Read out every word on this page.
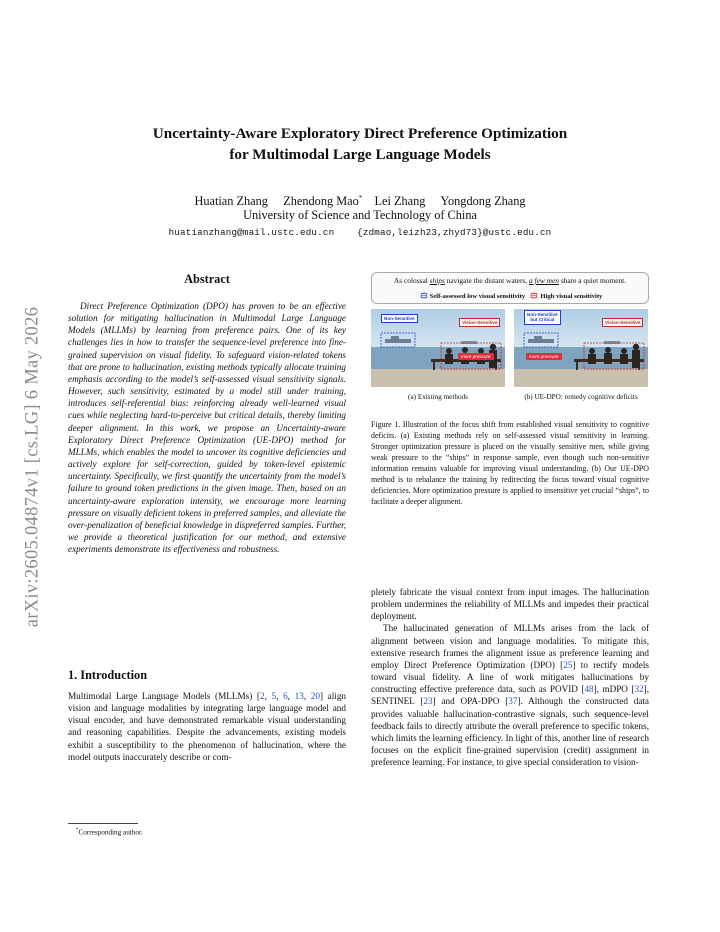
arXiv:2605.04874v1 [cs.LG] 6 May 2026
Uncertainty-Aware Exploratory Direct Preference Optimization
for Multimodal Large Language Models
Huatian Zhang Zhendong Mao* Lei Zhang Yongdong Zhang
University of Science and Technology of China
huatianzhang@mail.ustc.edu.cn    {zdmao,leizh23,zhyd73}@ustc.edu.cn
Abstract
Direct Preference Optimization (DPO) has proven to be an effective solution for mitigating hallucination in Multimodal Large Language Models (MLLMs) by learning from preference pairs. One of its key challenges lies in how to transfer the sequence-level preference into fine-grained supervision on visual fidelity. To safeguard vision-related tokens that are prone to hallucination, existing methods typically allocate training emphasis according to the model’s self-assessed visual sensitivity signals. However, such sensitivity, estimated by a model still under training, introduces self-referential bias: reinforcing already well-learned visual cues while neglecting hard-to-perceive but critical details, thereby limiting deeper alignment. In this work, we propose an Uncertainty-aware Exploratory Direct Preference Optimization (UE-DPO) method for MLLMs, which enables the model to uncover its cognitive deficiencies and actively explore for self-correction, guided by token-level epistemic uncertainty. Specifically, we first quantify the uncertainty from the model’s failure to ground token predictions in the given image. Then, based on an uncertainty-aware exploration intensity, we encourage more learning pressure on visually deficient tokens in preferred samples, and alleviate the over-penalization of beneficial knowledge in dispreferred samples. Further, we provide a theoretical justification for our method, and extensive experiments demonstrate its effectiveness and robustness.
1. Introduction
Multimodal Large Language Models (MLLMs) [2, 5, 6, 13, 20] align vision and language modalities by integrating large language model and visual encoder, and have demonstrated remarkable visual understanding and reasoning capabilities. Despite the advancements, existing models exhibit a susceptibility to the phenomenon of hallucination, where the model outputs inaccurately describe or com-
*Corresponding author.
As colossal ships navigate the distant waters, a few men share a quiet moment.
Self-assessed low visual sensitivity High visual sensitivity
Non-Sensitive
Vision-Sensitive
more pressure
(a) Existing methods
Non-Sensitive
but Critical
Vision-Sensitive
more pressure
(b) UE-DPO: remedy cognitive deficits
Figure 1. Illustration of the focus shift from established visual sensitivity to cognitive deficits. (a) Existing methods rely on self-assessed visual sensitivity in learning. Stronger optimization pressure is placed on the visually sensitive men, while giving weak pressure to the “ships” in response sample, even though such non-sensitive information remains valuable for improving visual understanding. (b) Our UE-DPO method is to rebalance the training by redirecting the focus toward visual cognitive deficiencies. More optimization pressure is applied to insensitive yet crucial “ships”, to facilitate a deeper alignment.

pletely fabricate the visual context from input images. The hallucination problem undermines the reliability of MLLMs and impedes their practical deployment.

The hallucinated generation of MLLMs arises from the lack of alignment between vision and language modalities. To mitigate this, extensive research frames the alignment issue as preference learning and employ Direct Preference Optimization (DPO) [25] to rectify models toward visual fidelity. A line of work mitigates hallucinations by constructing effective preference data, such as POVID [48], mDPO [32], SENTINEL [23] and OPA-DPO [37]. Although the constructed data provides valuable hallucination-contrastive signals, such sequence-level feedback fails to directly attribute the overall preference to specific tokens, which limits the learning efficiency. In light of this, another line of research focuses on the explicit fine-grained supervision (credit) assignment in preference learning. For instance, to give special consideration to vision-
